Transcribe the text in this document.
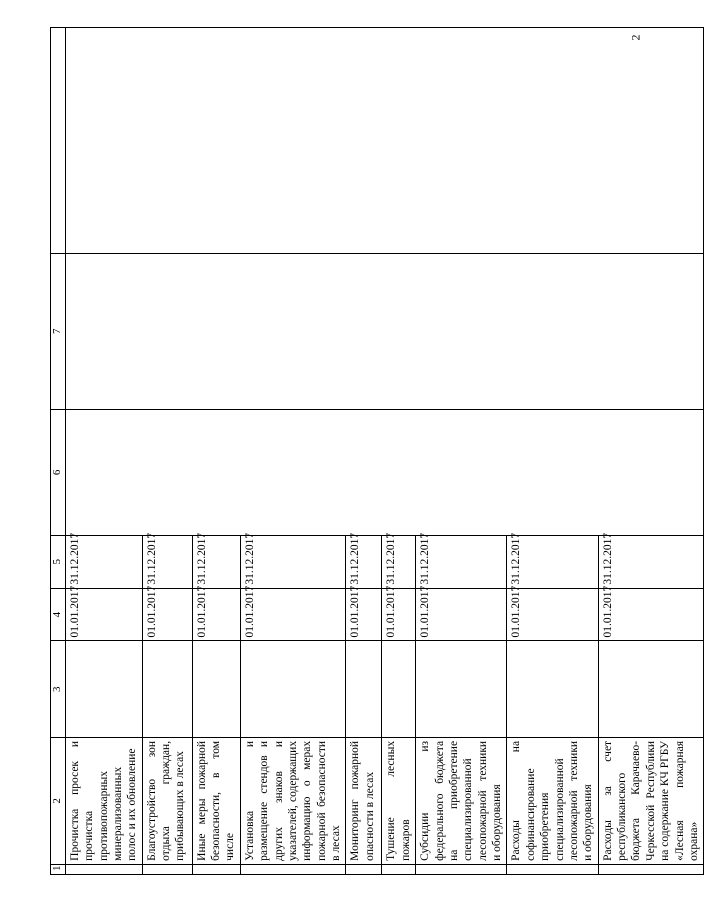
2
1	2	3	4	5	6	7	
	Прочистка просек и прочистка противопожарных минерализованных полос и их обновление		01.01.2017	31.12.2017			
	Благоустройство зон отдыха граждан, прибывающих в лесах		01.01.2017	31.12.2017			
	Иные меры пожарной безопасности, в том числе		01.01.2017	31.12.2017			
	Установка и размещение стендов и других знаков и указателей, содержащих информацию о мерах пожарной безопасности в лесах		01.01.2017	31.12.2017			
	Мониторинг пожарной опасности в лесах		01.01.2017	31.12.2017			
	Тушение лесных пожаров		01.01.2017	31.12.2017			
	Субсидии из федерального бюджета на приобретение специализированной лесопожарной техники и оборудования		01.01.2017	31.12.2017			
	Расходы на софинансирование приобретения специализированной лесопожарной техники и оборудования		01.01.2017	31.12.2017			
	Расходы за счет республиканского бюджета Карачаево-Черкесской Республики на содержание КЧ РГБУ «Лесная пожарная охрана»		01.01.2017	31.12.2017			
